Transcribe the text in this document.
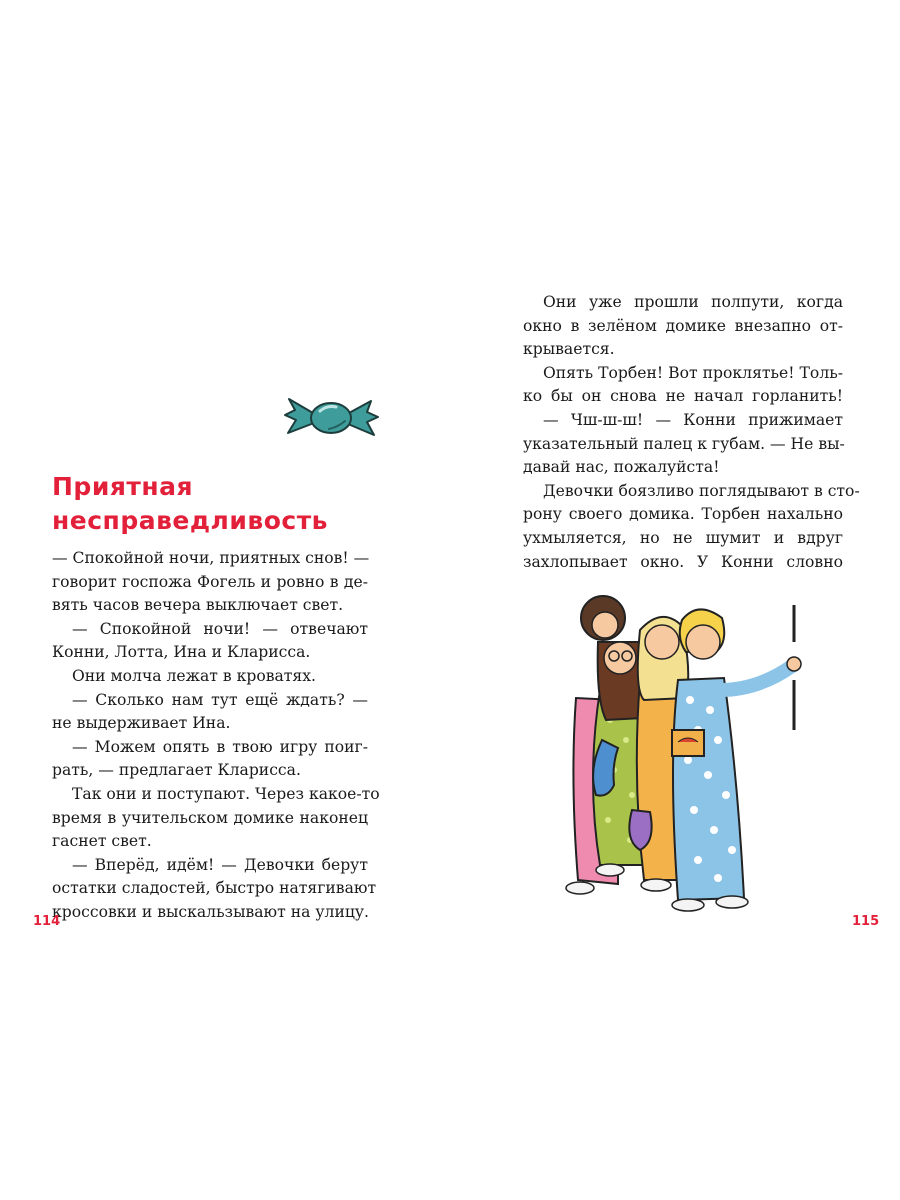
Приятная
несправедливость

— Спокойной ночи, приятных снов! —

говорит госпожа Фогель и ровно в де-

вять часов вечера выключает свет.

— Спокойной ночи! — отвечают

Конни, Лотта, Ина и Кларисса.

Они молча лежат в кроватях.

— Сколько нам тут ещё ждать? —

не выдерживает Ина.

— Можем опять в твою игру поиг-

рать, — предлагает Кларисса.

Так они и поступают. Через какое-то

время в учительском домике наконец

гаснет свет.

— Вперёд, идём! — Девочки берут

остатки сладостей, быстро натягивают

кроссовки и выскальзывают на улицу.

114

Они уже прошли полпути, когда

окно в зелёном домике внезапно от-

крывается.

Опять Торбен! Вот проклятье! Толь-

ко бы он снова не начал горланить!

— Чш-ш-ш! — Конни прижимает

указательный палец к губам. — Не вы-

давай нас, пожалуйста!

Девочки боязливо поглядывают в сто-

рону своего домика. Торбен нахально

ухмыляется, но не шумит и вдруг

захлопывает окно. У Конни словно

115
